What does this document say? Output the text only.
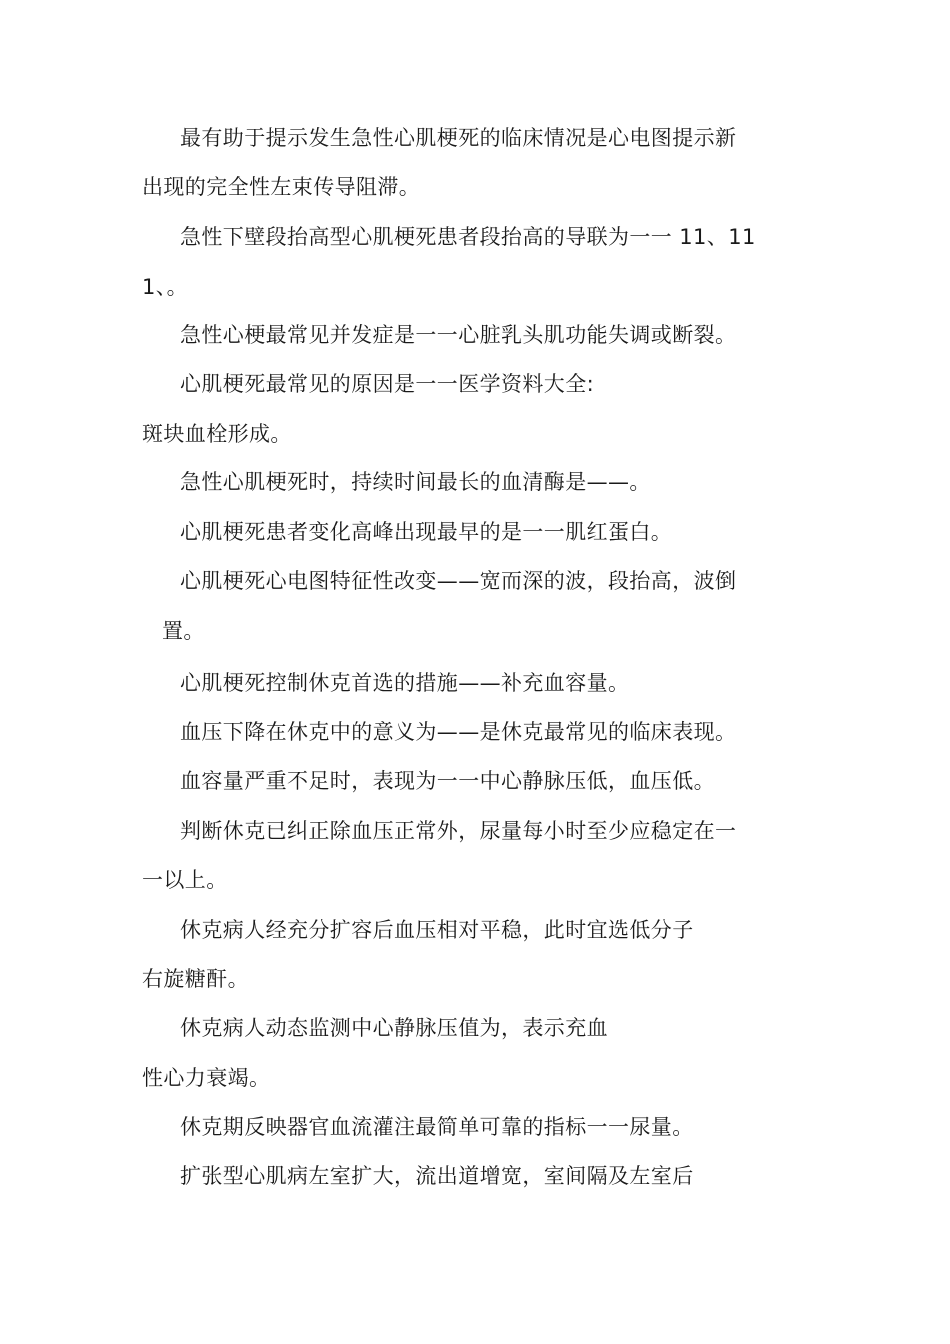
最有助于提示发生急性心肌梗死的临床情况是心电图提示新
出现的完全性左束传导阻滞。
急性下壁段抬高型心肌梗死患者段抬高的导联为一一 11、11
1、。
急性心梗最常见并发症是一一心脏乳头肌功能失调或断裂。
心肌梗死最常见的原因是一一医学资料大全:
斑块血栓形成。
急性心肌梗死时，持续时间最长的血清酶是——。
心肌梗死患者变化高峰出现最早的是一一肌红蛋白。
心肌梗死心电图特征性改变——宽而深的波，段抬高，波倒
置。
心肌梗死控制休克首选的措施——补充血容量。
血压下降在休克中的意义为——是休克最常见的临床表现。
血容量严重不足时，表现为一一中心静脉压低，血压低。
判断休克已纠正除血压正常外，尿量每小时至少应稳定在一
一以上。
休克病人经充分扩容后血压相对平稳，此时宜选低分子
右旋糖酐。
休克病人动态监测中心静脉压值为，表示充血
性心力衰竭。
休克期反映器官血流灌注最简单可靠的指标一一尿量。
扩张型心肌病左室扩大，流出道增宽，室间隔及左室后
